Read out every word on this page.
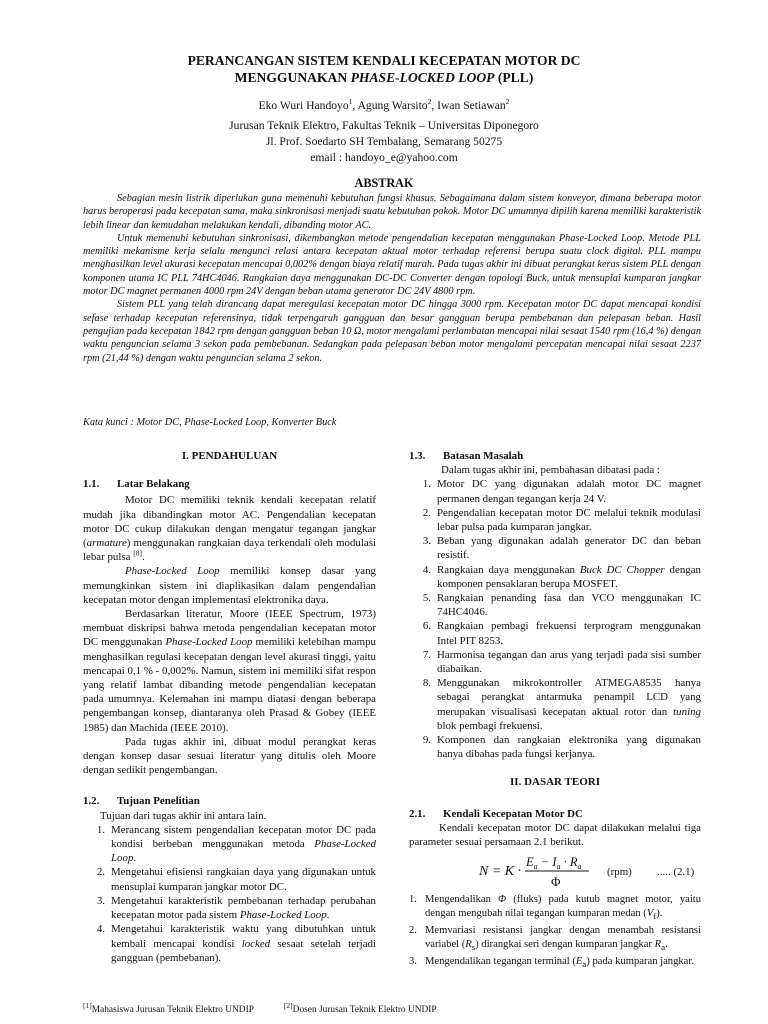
PERANCANGAN SISTEM KENDALI KECEPATAN MOTOR DC
MENGGUNAKAN PHASE-LOCKED LOOP (PLL)
Eko Wuri Handoyo$^1$, Agung Warsito$^2$, Iwan Setiawan$^2$
Jurusan Teknik Elektro, Fakultas Teknik – Universitas Diponegoro
Jl. Prof. Soedarto SH Tembalang, Semarang 50275
email : handoyo_e@yahoo.com
ABSTRAK

Sebagian mesin listrik diperlukan guna memenuhi kebutuhan fungsi khusus. Sebagaimana dalam sistem konveyor, dimana beberapa motor harus beroperasi pada kecepatan sama, maka sinkronisasi menjadi suatu kebutuhan pokok. Motor DC umumnya dipilih karena memiliki karakteristik lebih linear dan kemudahan melakukan kendali, dibanding motor AC.

Untuk memenuhi kebutuhan sinkronisasi, dikembangkan metode pengendalian kecepatan menggunakan Phase-Locked Loop. Metode PLL memiliki mekanisme kerja selalu mengunci relasi antara kecepatan aktual motor terhadap referensi berupa suatu clock digital. PLL mampu menghasilkan level akurasi kecepatan mencapai 0,002% dengan biaya relatif murah. Pada tugas akhir ini dibuat perangkat keras sistem PLL dengan komponen utama IC PLL 74HC4046. Rangkaian daya menggunakan DC-DC Converter dengan topologi Buck, untuk mensuplai kumparan jangkar motor DC magnet permanen 4000 rpm 24V dengan beban utama generator DC 24V 4800 rpm.

Sistem PLL yang telah dirancang dapat meregulasi kecepatan motor DC hingga 3000 rpm. Kecepatan motor DC dapat mencapai kondisi sefase terhadap kecepatan referensinya, tidak terpengaruh gangguan dan besar gangguan berupa pembebanan dan pelepasan beban. Hasil pengujian pada kecepatan 1842 rpm dengan gangguan beban 10 Ω, motor mengalami perlambatan mencapai nilai sesaat 1540 rpm (16,4 %) dengan waktu penguncian selama 3 sekon pada pembebanan. Sedangkan pada pelepasan beban motor mengalami percepatan mencapai nilai sesaat 2237 rpm (21,44 %) dengan waktu penguncian selama 2 sekon.

Kata kunci : Motor DC, Phase-Locked Loop, Konverter Buck
I. PENDAHULUAN
1.1.	Latar Belakang

Motor DC memiliki teknik kendali kecepatan relatif mudah jika dibandingkan motor AC. Pengendalian kecepatan motor DC cukup dilakukan dengan mengatur tegangan jangkar (armature) menggunakan rangkaian daya terkendali oleh modulasi lebar pulsa [8].

Phase-Locked Loop memiliki konsep dasar yang memungkinkan sistem ini diaplikasikan dalam pengendalian kecepatan motor dengan implementasi elektronika daya.

Berdasarkan literatur, Moore (IEEE Spectrum, 1973) membuat diskripsi bahwa metoda pengendalian kecepatan motor DC menggunakan Phase-Locked Loop memiliki kelebihan mampu menghasilkan regulasi kecepatan dengan level akurasi tinggi, yaitu mencapai 0,1 % - 0,002%. Namun, sistem ini memiliki sifat respon yang relatif lambat dibanding metode pengendalian kecepatan pada umumnya. Kelemahan ini mampu diatasi dengan beberapa pengembangan konsep, diantaranya oleh Prasad & Gobey (IEEE 1985) dan Machida (IEEE 2010).

Pada tugas akhir ini, dibuat modul perangkat keras dengan konsep dasar sesuai literatur yang ditulis oleh Moore dengan sedikit pengembangan.

1.2.	Tujuan Penelitian

Tujuan dari tugas akhir ini antara lain.

1. Merancang sistem pengendalian kecepatan motor DC pada kondisi berbeban menggunakan metoda Phase-Locked Loop.
2. Mengetahui efisiensi rangkaian daya yang digunakan untuk mensuplai kumparan jangkar motor DC.
3. Mengetahui karakteristik pembebanan terhadap perubahan kecepatan motor pada sistem Phase-Locked Loop.
4. Mengetahui karakteristik waktu yang dibutuhkan untuk kembali mencapai kondisi locked sesaat setelah terjadi gangguan (pembebanan).
1.3.	Batasan Masalah

Dalam tugas akhir ini, pembahasan dibatasi pada :

1. Motor DC yang digunakan adalah motor DC magnet permanen dengan tegangan kerja 24 V.
2. Pengendalian kecepatan motor DC melalui teknik modulasi lebar pulsa pada kumparan jangkar.
3. Beban yang digunakan adalah generator DC dan beban resistif.
4. Rangkaian daya menggunakan Buck DC Chopper dengan komponen pensaklaran berupa MOSFET.
5. Rangkaian penanding fasa dan VCO menggunakan IC 74HC4046.
6. Rangkaian pembagi frekuensi terprogram menggunakan Intel PIT 8253.
7. Harmonisa tegangan dan arus yang terjadi pada sisi sumber diabaikan.
8. Menggunakan mikrokontroller ATMEGA8535 hanya sebagai perangkat antarmuka penampil LCD yang merupakan visualisasi kecepatan aktual rotor dan tuning blok pembagi frekuensi.
9. Komponen dan rangkaian elektronika yang digunakan hanya dibahas pada fungsi kerjanya.
II. DASAR TEORI
2.1.	Kendali Kecepatan Motor DC

Kendali kecepatan motor DC dapat dilakukan melalui tiga parameter sesuai persamaan 2.1 berikut.

N = K ·
$E_a - I_a \cdot R_a$
Φ
(rpm) ..... (2.1)
1. Mengendalikan Φ (fluks) pada kutub magnet motor, yaitu dengan mengubah nilai tegangan kumparan medan $(V_f)$.
2. Memvariasi resistansi jangkar dengan menambah resistansi variabel $(R_s)$ dirangkai seri dengan kumparan jangkar $R_a$.
3. Mengendalikan tegangan terminal $(E_a)$ pada kumparan jangkar.
[1]Mahasiswa Jurusan Teknik Elektro UNDIP	[2]Dosen Jurusan Teknik Elektro UNDIP
